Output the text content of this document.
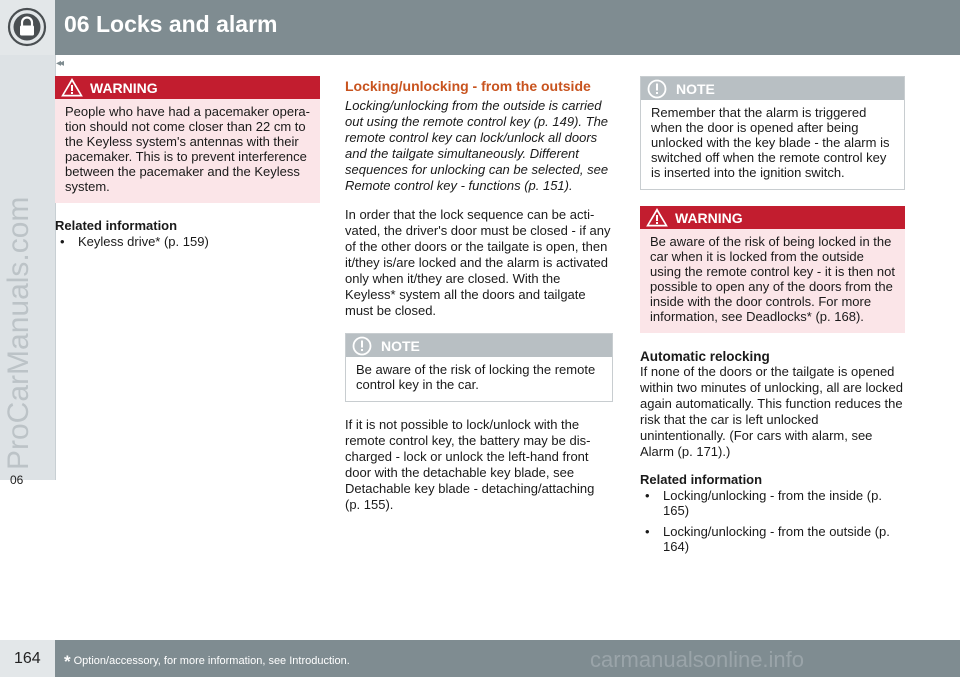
06 Locks and alarm
◂◂
06
ProCarManuals.com
WARNING
People who have had a pacemaker opera-tion should not come closer than 22 cm to the Keyless system's antennas with their pacemaker. This is to prevent interference between the pacemaker and the Keyless system.
Related information
• Keyless drive* (p. 159)
Locking/unlocking - from the outside

Locking/unlocking from the outside is carried out using the remote control key (p. 149). The remote control key can lock/unlock all doors and the tailgate simultaneously. Different sequences for unlocking can be selected, see Remote control key - functions (p. 151).

In order that the lock sequence can be acti-vated, the driver's door must be closed - if any of the other doors or the tailgate is open, then it/they is/are locked and the alarm is activated only when it/they are closed. With the Keyless* system all the doors and tailgate must be closed.

NOTE
Be aware of the risk of locking the remote control key in the car.

If it is not possible to lock/unlock with the remote control key, the battery may be dis-charged - lock or unlock the left-hand front door with the detachable key blade, see Detachable key blade - detaching/attaching (p. 155).

NOTE
Remember that the alarm is triggered when the door is opened after being unlocked with the key blade - the alarm is switched off when the remote control key is inserted into the ignition switch.
WARNING
Be aware of the risk of being locked in the car when it is locked from the outside using the remote control key - it is then not possible to open any of the doors from the inside with the door controls. For more information, see Deadlocks* (p. 168).
Automatic relocking

If none of the doors or the tailgate is opened within two minutes of unlocking, all are locked again automatically. This function reduces the risk that the car is left unlocked unintentionally. (For cars with alarm, see Alarm (p. 171).)

Related information
• Locking/unlocking - from the inside (p. 165)
• Locking/unlocking - from the outside (p. 164)
164 * Option/accessory, for more information, see Introduction.	carmanualsonline.info
